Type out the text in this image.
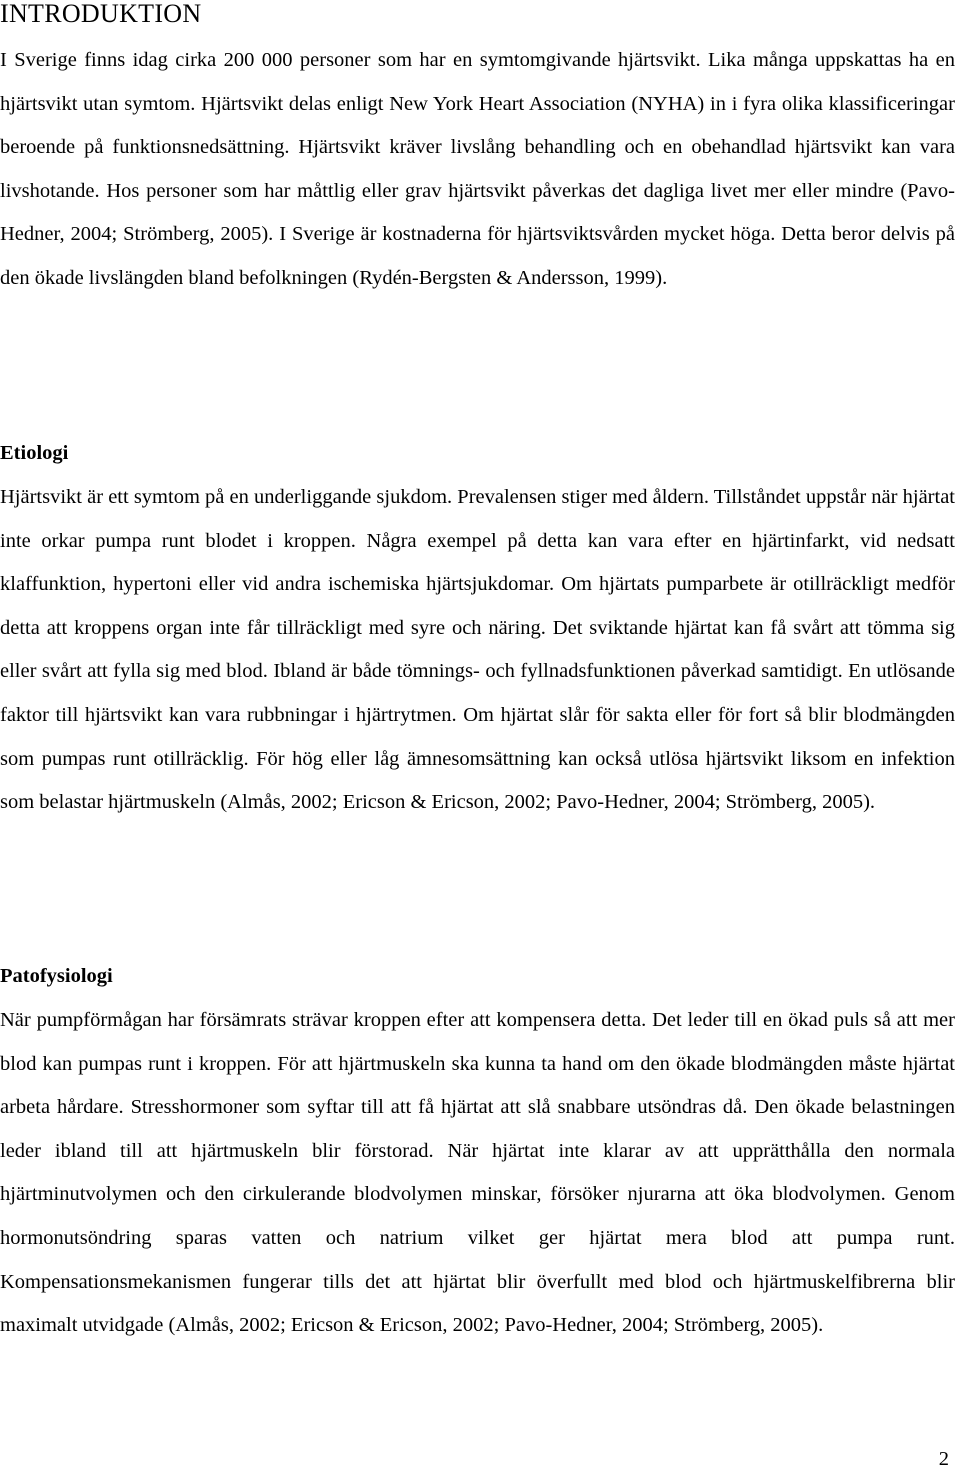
INTRODUKTION

I Sverige finns idag cirka 200 000 personer som har en symtomgivande hjärtsvikt. Lika många uppskattas ha en hjärtsvikt utan symtom. Hjärtsvikt delas enligt New York Heart Association (NYHA) in i fyra olika klassificeringar beroende på funktionsnedsättning. Hjärtsvikt kräver livslång behandling och en obehandlad hjärtsvikt kan vara livshotande. Hos personer som har måttlig eller grav hjärtsvikt påverkas det dagliga livet mer eller mindre (Pavo-Hedner, 2004; Strömberg, 2005). I Sverige är kostnaderna för hjärtsviktsvården mycket höga. Detta beror delvis på den ökade livslängden bland befolkningen (Rydén-Bergsten & Andersson, 1999).

Etiologi

Hjärtsvikt är ett symtom på en underliggande sjukdom. Prevalensen stiger med åldern. Tillståndet uppstår när hjärtat inte orkar pumpa runt blodet i kroppen. Några exempel på detta kan vara efter en hjärtinfarkt, vid nedsatt klaffunktion, hypertoni eller vid andra ischemiska hjärtsjukdomar. Om hjärtats pumparbete är otillräckligt medför detta att kroppens organ inte får tillräckligt med syre och näring. Det sviktande hjärtat kan få svårt att tömma sig eller svårt att fylla sig med blod. Ibland är både tömnings- och fyllnadsfunktionen påverkad samtidigt. En utlösande faktor till hjärtsvikt kan vara rubbningar i hjärtrytmen. Om hjärtat slår för sakta eller för fort så blir blodmängden som pumpas runt otillräcklig. För hög eller låg ämnesomsättning kan också utlösa hjärtsvikt liksom en infektion som belastar hjärtmuskeln (Almås, 2002; Ericson & Ericson, 2002; Pavo-Hedner, 2004; Strömberg, 2005).

Patofysiologi

När pumpförmågan har försämrats strävar kroppen efter att kompensera detta. Det leder till en ökad puls så att mer blod kan pumpas runt i kroppen. För att hjärtmuskeln ska kunna ta hand om den ökade blodmängden måste hjärtat arbeta hårdare. Stresshormoner som syftar till att få hjärtat att slå snabbare utsöndras då. Den ökade belastningen leder ibland till att hjärtmuskeln blir förstorad. När hjärtat inte klarar av att upprätthålla den normala hjärtminutvolymen och den cirkulerande blodvolymen minskar, försöker njurarna att öka blodvolymen. Genom hormonutsöndring sparas vatten och natrium vilket ger hjärtat mera blod att pumpa runt. Kompensationsmekanismen fungerar tills det att hjärtat blir överfullt med blod och hjärtmuskelfibrerna blir maximalt utvidgade (Almås, 2002; Ericson & Ericson, 2002; Pavo-Hedner, 2004; Strömberg, 2005).

2
